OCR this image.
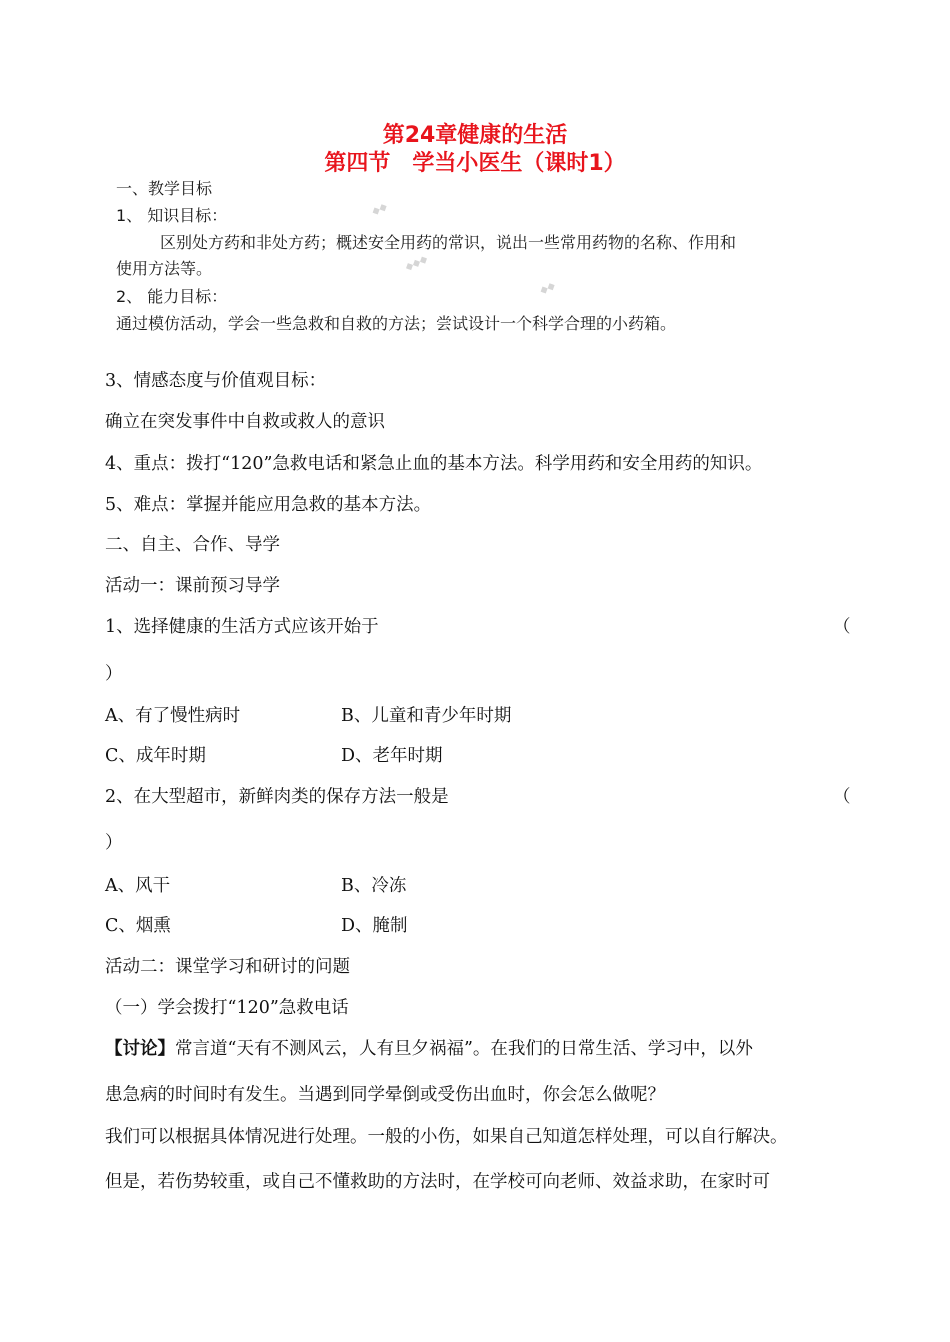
第24章健康的生活
第四节　学当小医生（课时1）
一、教学目标
1、 知识目标：
区别处方药和非处方药；概述安全用药的常识，说出一些常用药物的名称、作用和
使用方法等。
2、 能力目标：
通过模仿活动，学会一些急救和自救的方法；尝试设计一个科学合理的小药箱。
◆◆
◆◆◆
◆◆
3、情感态度与价值观目标：
确立在突发事件中自救或救人的意识
4、重点：拨打“120”急救电话和紧急止血的基本方法。科学用药和安全用药的知识。
5、难点：掌握并能应用急救的基本方法。
二、自主、合作、导学
活动一：课前预习导学
1、选择健康的生活方式应该开始于	（
）
A、有了慢性病时	B、儿童和青少年时期
C、成年时期	D、老年时期
2、在大型超市，新鲜肉类的保存方法一般是	（
）
A、风干	B、冷冻
C、烟熏	D、腌制
活动二：课堂学习和研讨的问题
（一）学会拨打“120”急救电话
【讨论】常言道“天有不测风云，人有旦夕祸福”。在我们的日常生活、学习中，以外
患急病的时间时有发生。当遇到同学晕倒或受伤出血时，你会怎么做呢？
我们可以根据具体情况进行处理。一般的小伤，如果自己知道怎样处理，可以自行解决。
但是，若伤势较重，或自己不懂救助的方法时，在学校可向老师、效益求助，在家时可
